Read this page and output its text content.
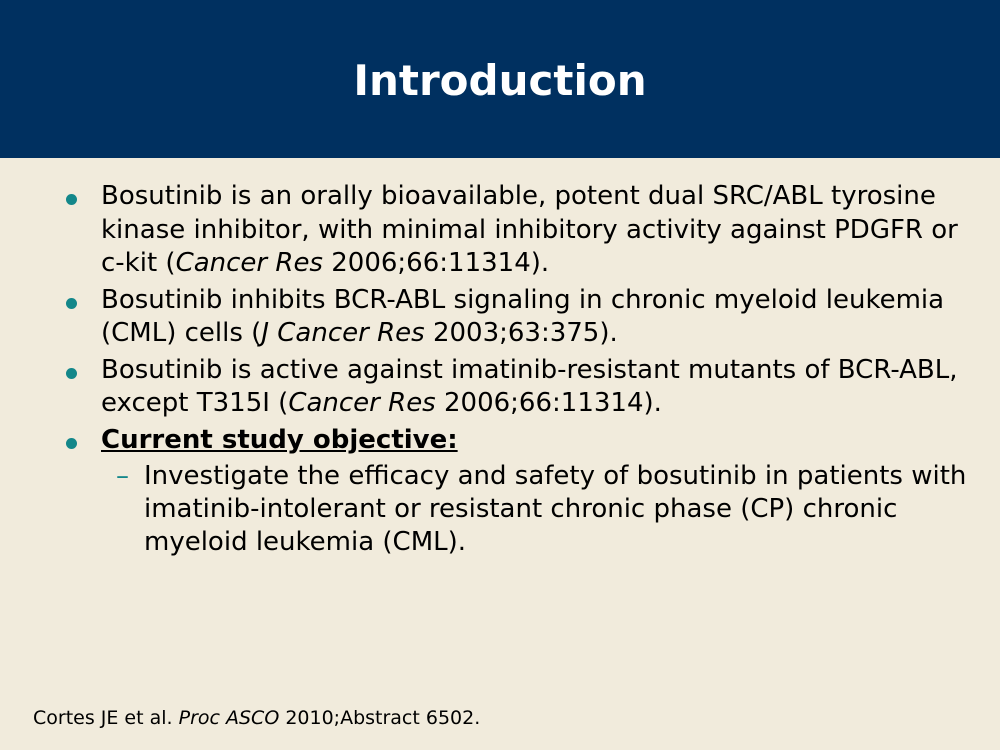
Introduction
Bosutinib is an orally bioavailable, potent dual SRC/ABL tyrosine kinase inhibitor, with minimal inhibitory activity against PDGFR or c-kit (Cancer Res 2006;66:11314).
Bosutinib inhibits BCR-ABL signaling in chronic myeloid leukemia (CML) cells (J Cancer Res 2003;63:375).
Bosutinib is active against imatinib-resistant mutants of BCR-ABL, except T315I (Cancer Res 2006;66:11314).
Current study objective:
– Investigate the efficacy and safety of bosutinib in patients with imatinib-intolerant or resistant chronic phase (CP) chronic myeloid leukemia (CML).
Cortes JE et al. Proc ASCO 2010;Abstract 6502.
